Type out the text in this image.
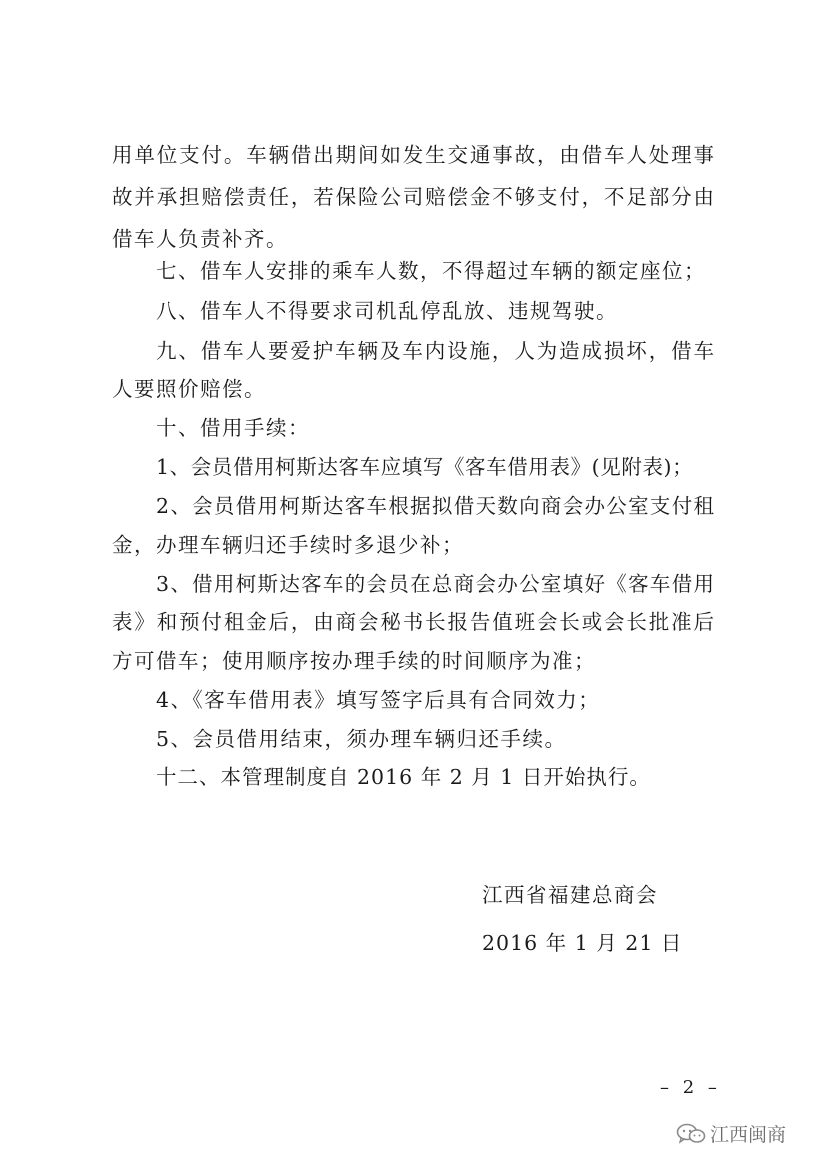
用单位支付。车辆借出期间如发生交通事故，由借车人处理事
故并承担赔偿责任，若保险公司赔偿金不够支付，不足部分由
借车人负责补齐。
七、借车人安排的乘车人数，不得超过车辆的额定座位；
八、借车人不得要求司机乱停乱放、违规驾驶。
九、借车人要爱护车辆及车内设施，人为造成损坏，借车
人要照价赔偿。
十、借用手续：
1、会员借用柯斯达客车应填写《客车借用表》(见附表)；
2、会员借用柯斯达客车根据拟借天数向商会办公室支付租
金，办理车辆归还手续时多退少补；
3、借用柯斯达客车的会员在总商会办公室填好《客车借用
表》和预付租金后，由商会秘书长报告值班会长或会长批准后
方可借车；使用顺序按办理手续的时间顺序为准；
4、《客车借用表》填写签字后具有合同效力；
5、会员借用结束，须办理车辆归还手续。
十二、本管理制度自 2016 年 2 月 1 日开始执行。
江西省福建总商会
2016 年 1 月 21 日
– 2 –
江西闽商
